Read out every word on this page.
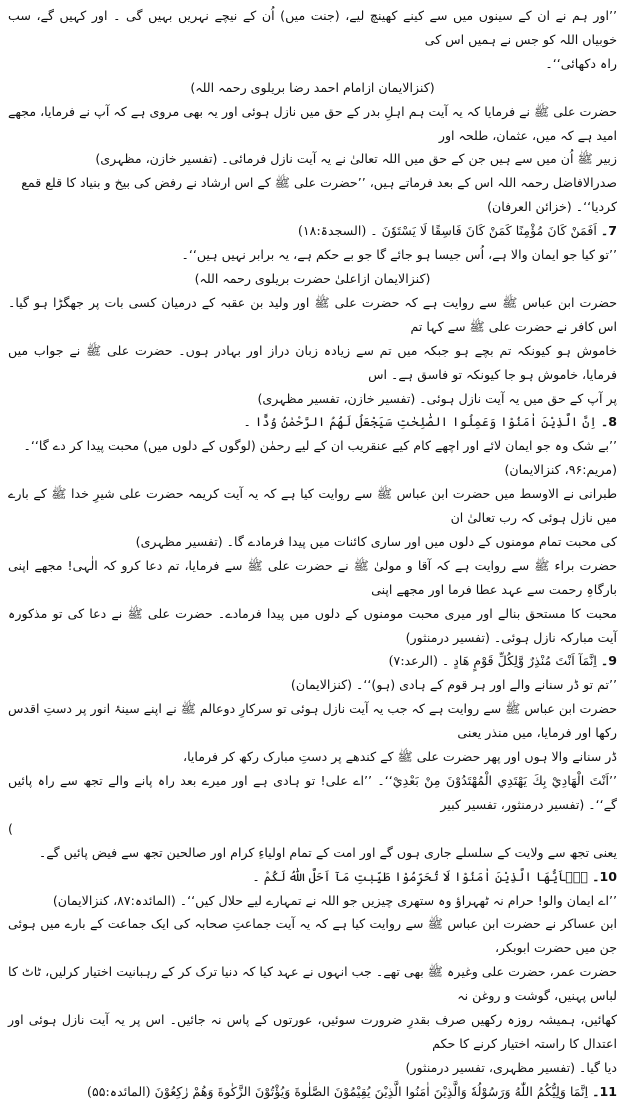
’’اور ہم نے ان کے سینوں میں سے کینے کھینچ لیے، (جنت میں) اُن کے نیچے نہریں بہیں گی ۔ اور کہیں گے، سب خوبیاں اللہ کو جس نے ہمیں اس کی

راہ دکھائی‘‘۔

(کنزالایمان ازامام احمد رضا بریلوی رحمہ اللہ)

حضرت علی ﷺ نے فرمایا کہ یہ آیت ہم اہلِ بدر کے حق میں نازل ہوئی اور یہ بھی مروی ہے کہ آپ نے فرمایا، مجھے امید ہے کہ میں، عثمان، طلحہ اور

زبیر ﷺ اُن میں سے ہیں جن کے حق میں اللہ تعالیٰ نے یہ آیت نازل فرمائی۔ (تفسیر خازن، مظہری)

صدرالافاضل رحمہ اللہ اس کے بعد فرماتے ہیں، ’’حضرت علی ﷺ کے اس ارشاد نے رفض کی بیخ و بنیاد کا قلع قمع کردیا‘‘۔ (خزائن العرفان)

7۔اَفَمَنْ كَانَ مُؤْمِنًا كَمَنْ كَانَ فَاسِقًا لَا يَسْتَوٗنَ ۔ (السجدۃ:۱۸)

’’تو کیا جو ایمان والا ہے، اُس جیسا ہو جائے گا جو بے حکم ہے، یہ برابر نہیں ہیں‘‘۔

(کنزالایمان ازاعلیٰ حضرت بریلوی رحمہ اللہ)

حضرت ابن عباس ﷺ سے روایت ہے کہ حضرت علی ﷺ اور ولید بن عقبہ کے درمیان کسی بات پر جھگڑا ہو گیا۔ اس کافر نے حضرت علی ﷺ سے کہا تم

خاموش ہو کیونکہ تم بچے ہو جبکہ میں تم سے زیادہ زبان دراز اور بہادر ہوں۔ حضرت علی ﷺ نے جواب میں فرمایا، خاموش ہو جا کیونکہ تو فاسق ہے۔ اس

پر آپ کے حق میں یہ آیت نازل ہوئی۔ (تفسیر خازن، تفسیر مظہری)

8۔اِنَّ الَّذِيْنَ اٰمَنُوْا وَعَمِلُوا الصّٰلِحٰتِ سَيَجْعَلُ لَهُمُ الرَّحْمٰنُ وُدًّا ۔

’’بے شک وہ جو ایمان لائے اور اچھے کام کیے عنقریب ان کے لیے رحمٰن (لوگوں کے دلوں میں) محبت پیدا کر دے گا‘‘۔ (مریم:۹۶، کنزالایمان)

طبرانی نے الاوسط میں حضرت ابن عباس ﷺ سے روایت کیا ہے کہ یہ آیت کریمہ حضرت علی شیرِ خدا ﷺ کے بارے میں نازل ہوئی کہ رب تعالیٰ ان

کی محبت تمام مومنوں کے دلوں میں اور ساری کائنات میں پیدا فرمادے گا۔ (تفسیر مظہری)

حضرت براء ﷺ سے روایت ہے کہ آقا و مولیٰ ﷺ نے حضرت علی ﷺ سے فرمایا، تم دعا کرو کہ الٰہی! مجھے اپنی بارگاہِ رحمت سے عہد عطا فرما اور مجھے اپنی

محبت کا مستحق بنالے اور میری محبت مومنوں کے دلوں میں پیدا فرمادے۔ حضرت علی ﷺ نے دعا کی تو مذکورہ آیت مبارکہ نازل ہوئی۔ (تفسیر درمنثور)

9۔اِنَّمَآ اَنْتَ مُنْذِرٌ وَّلِكُلِّ قَوْمٍ هَادٍ ۔ (الرعد:۷)

’’تم تو ڈر سنانے والے اور ہر قوم کے ہادی (ہو)‘‘۔ (کنزالایمان)

حضرت ابن عباس ﷺ سے روایت ہے کہ جب یہ آیت نازل ہوئی تو سرکارِ دوعالم ﷺ نے اپنے سینۂ انور پر دستِ اقدس رکھا اور فرمایا، میں منذر یعنی

ڈر سنانے والا ہوں اور پھر حضرت علی ﷺ کے کندھے پر دستِ مبارک رکھ کر فرمایا،

’’اَنْتَ الْهَادِيْ بِكَ يَهْتَدِي الْمُهْتَدُوْنَ مِنْ بَعْدِيْ‘‘۔ ’’اے علی! تو ہادی ہے اور میرے بعد راہ پانے والے تجھ سے راہ پائیں گے‘‘۔ (تفسیر درمنثور، تفسیر کبیر

)

یعنی تجھ سے ولایت کے سلسلے جاری ہوں گے اور امت کے تمام اولیاءِ کرام اور صالحین تجھ سے فیض پائیں گے۔

10۔يٰۤاَيُّهَا الَّذِيْنَ اٰمَنُوْا لَا تُحَرِّمُوْا طَيِّبٰتِ مَآ اَحَلَّ اللّٰهُ لَكُمْ ۔

’’اے ایمان والو! حرام نہ ٹھہراؤ وہ ستھری چیزیں جو اللہ نے تمہارے لیے حلال کیں‘‘۔ (المائدہ:۸۷، کنزالایمان)

ابن عساکر نے حضرت ابن عباس ﷺ سے روایت کیا ہے کہ یہ آیت جماعتِ صحابہ کی ایک جماعت کے بارے میں ہوئی جن میں حضرت ابوبکر،

حضرت عمر، حضرت علی وغیرہ ﷺ بھی تھے۔ جب انہوں نے عہد کیا کہ دنیا ترک کر کے رہبانیت اختیار کرلیں، ٹاٹ کا لباس پہنیں، گوشت و روغن نہ

کھائیں، ہمیشہ روزہ رکھیں صرف بقدرِ ضرورت سوئیں، عورتوں کے پاس نہ جائیں۔ اس پر یہ آیت نازل ہوئی اور اعتدال کا راستہ اختیار کرنے کا حکم

دیا گیا۔ (تفسیر مظہری، تفسیر درمنثور)

11۔اِنَّمَا وَلِيُّكُمُ اللّٰهُ وَرَسُوْلُهٗ وَالَّذِيْنَ اٰمَنُوا الَّذِيْنَ يُقِيْمُوْنَ الصَّلٰوةَ وَيُؤْتُوْنَ الزَّكٰوةَ وَهُمْ رٰكِعُوْنَ (المائدہ:۵۵)
